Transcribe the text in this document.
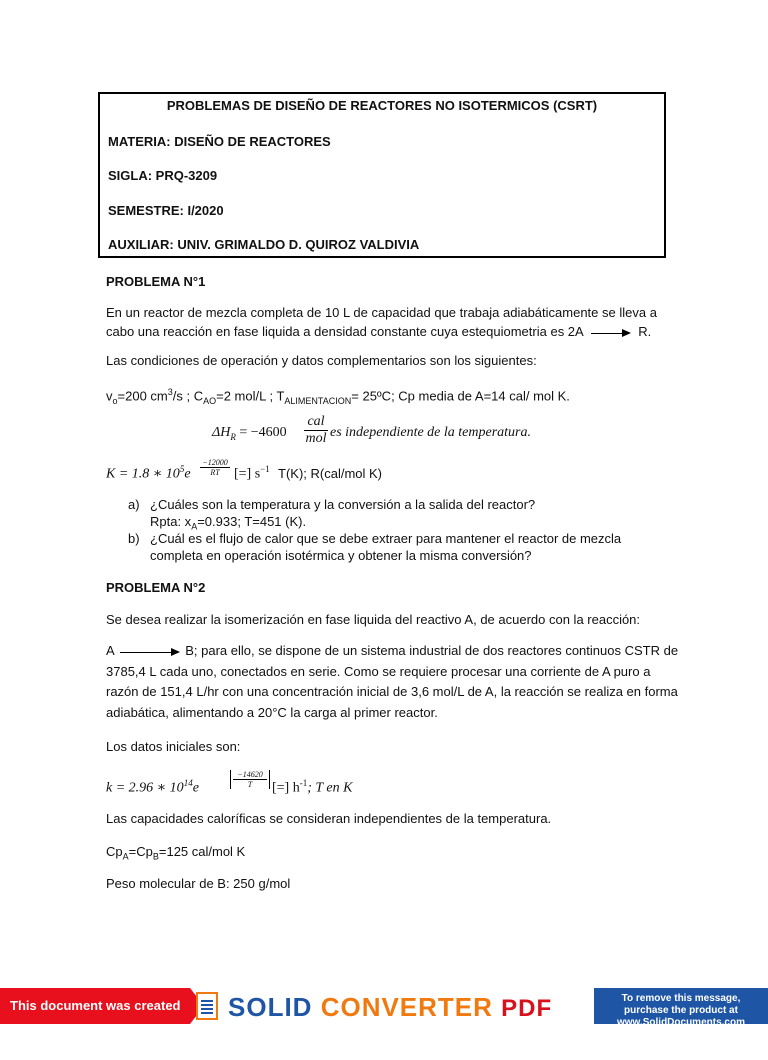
PROBLEMAS DE DISEÑO DE REACTORES NO ISOTERMICOS (CSRT)
MATERIA: DISEÑO DE REACTORES
SIGLA: PRQ-3209
SEMESTRE: I/2020
AUXILIAR: UNIV. GRIMALDO D. QUIROZ VALDIVIA
PROBLEMA N°1
En un reactor de mezcla completa de 10 L de capacidad que trabaja adiabáticamente se lleva a
cabo una reacción en fase liquida a densidad constante cuya estequiometria es 2A	R.
Las condiciones de operación y datos complementarios son los siguientes:
$v_o=200$ $cm^3/s$ ; $C_{AO}=2$ mol/L ; $T_{ALIMENTACION}=$ 25ºC; Cp media de A=14 cal/ mol K.
$\Delta H_R = -4600$
cal
mol es independiente de la temperatura.
K = 1.8 ∗ $10^5e \frac{-12000}{RT}$ [=] $s^{-1}$ T(K); R(cal/mol K)
a) ¿Cuáles son la temperatura y la conversión a la salida del reactor?
Rpta: $x_A=0.933$; T=451 (K).
b) ¿Cuál es el flujo de calor que se debe extraer para mantener el reactor de mezcla
completa en operación isotérmica y obtener la misma conversión?
PROBLEMA N°2
Se desea realizar la isomerización en fase liquida del reactivo A, de acuerdo con la reacción:
A	B; para ello, se dispone de un sistema industrial de dos reactores continuos CSTR de
3785,4 L cada uno, conectados en serie. Como se requiere procesar una corriente de A puro a
razón de 151,4 L/hr con una concentración inicial de 3,6 mol/L de A, la reacción se realiza en forma
adiabática, alimentando a 20°C la carga al primer reactor.
Los datos iniciales son:
k = 2.96 ∗ $10^{14}e$	$\frac{-14620}{T}$ [=] $h^{-1}$; T en K
Las capacidades caloríficas se consideran independientes de la temperatura.
$Cp_A=Cp_B=125$ cal/mol K
Peso molecular de B: 250 g/mol
This document was created using
SOLID CONVERTER PDF	To remove this message, purchase the product at www.SolidDocuments.com
